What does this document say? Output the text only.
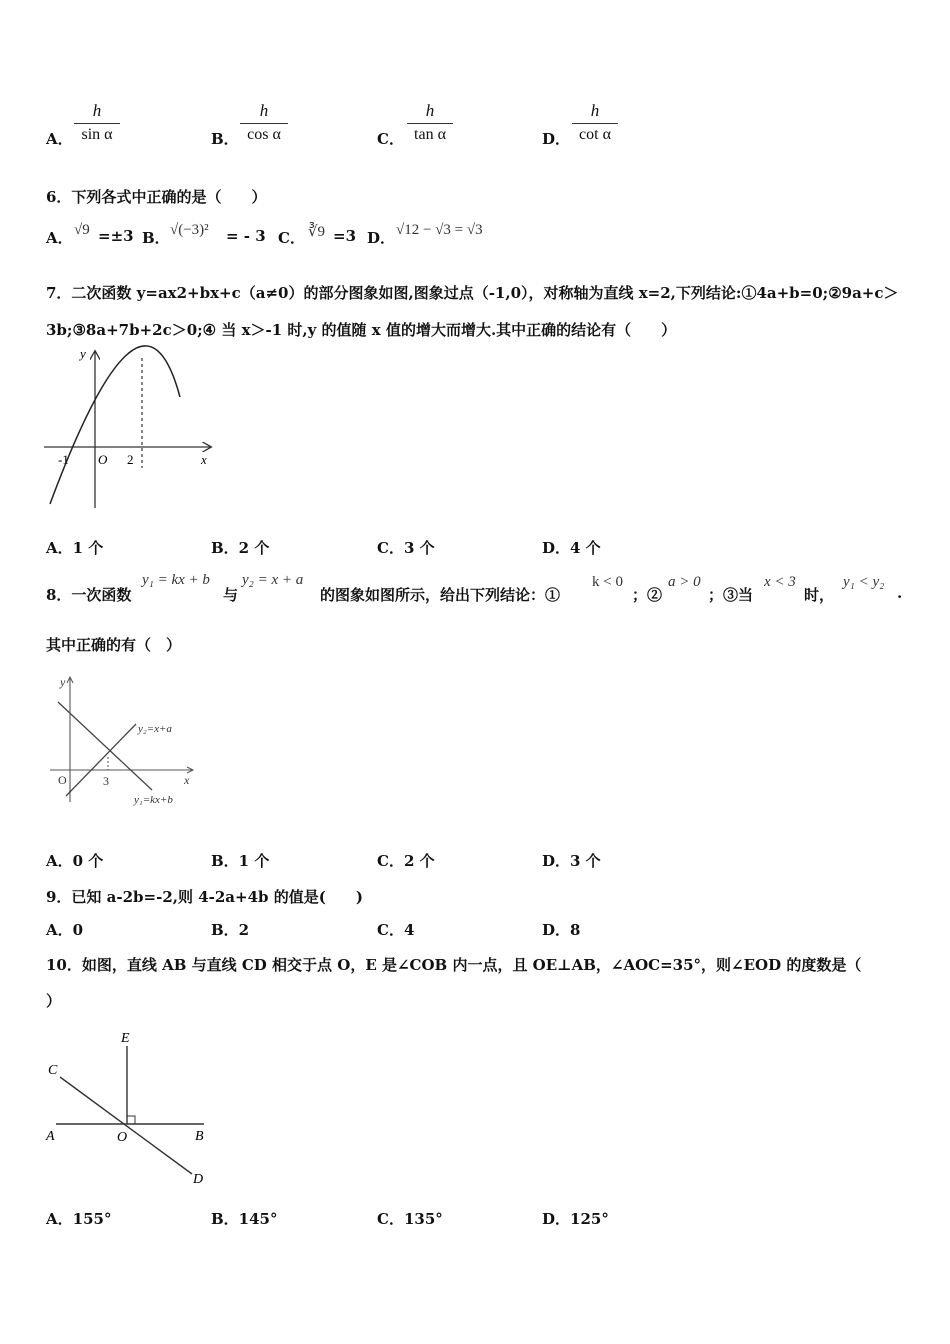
A．
h
sin α	B．
h
cos α	C．
h
tan α	D．
h
cot α
6．下列各式中正确的是（　　）
A． √9 =±3 B． √(−3)² = - 3 C． ∛9 =3 D． √12 − √3 = √3
7．二次函数 y=ax2+bx+c（a≠0）的部分图象如图,图象过点（-1,0），对称轴为直线 x=2,下列结论:①4a+b=0;②9a+c＞
3b;③8a+7b+2c＞0;④ 当 x＞-1 时,y 的值随 x 值的增大而增大.其中正确的结论有（　　）
y
x
O
-1	2
A．1 个	B．2 个	C．3 个	D．4 个
8．一次函数
y₁ = kx + b
与
y₂ = x + a
的图象如图所示，给出下列结论：①
k < 0
；②
a > 0
；③当
x < 3
时，
y₁ < y₂
.
其中正确的有（　）
y
x
O	3
y₂=x+a
y₁=kx+b
A．0 个	B．1 个	C．2 个	D．3 个
9．已知 a-2b=-2,则 4-2a+4b 的值是(　　)
A．0	B．2	C．4	D．8
10．如图，直线 AB 与直线 CD 相交于点 O，E 是∠COB 内一点，且 OE⊥AB，∠AOC=35°，则∠EOD 的度数是（
）
E
C
A	O	B
D
A．155°	B．145°	C．135°	D．125°
